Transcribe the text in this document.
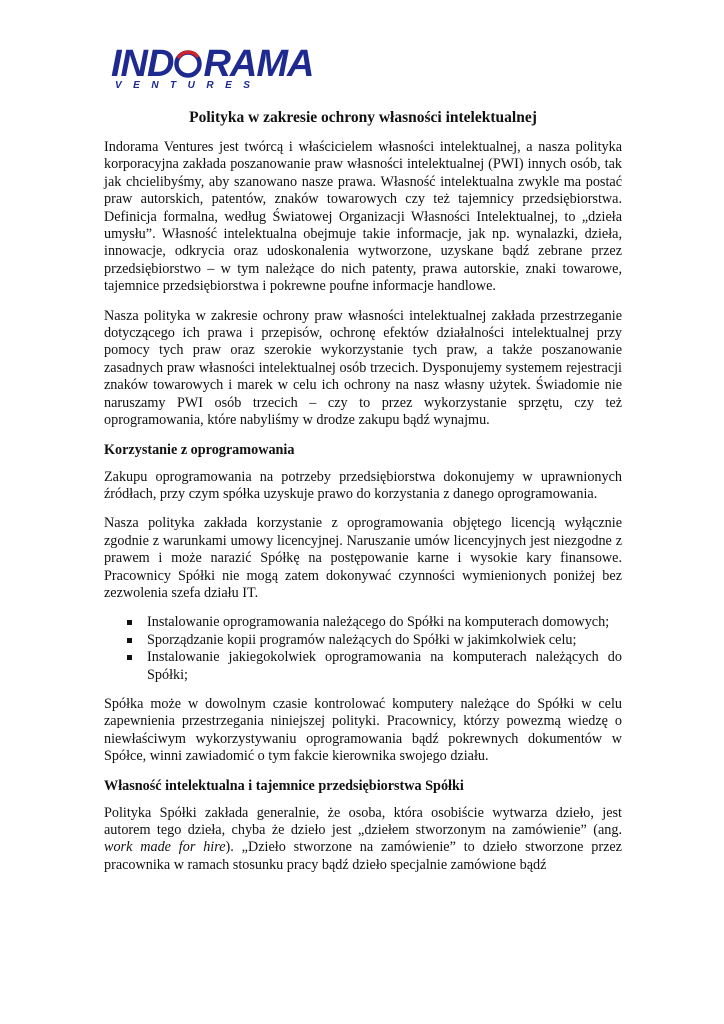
IND RAMA
VENTURES
Polityka w zakresie ochrony własności intelektualnej

Indorama Ventures jest twórcą i właścicielem własności intelektualnej, a nasza polityka korporacyjna zakłada poszanowanie praw własności intelektualnej (PWI) innych osób, tak jak chcielibyśmy, aby szanowano nasze prawa. Własność intelektualna zwykle ma postać praw autorskich, patentów, znaków towarowych czy też tajemnicy przedsiębiorstwa. Definicja formalna, według Światowej Organizacji Własności Intelektualnej, to „dzieła umysłu”. Własność intelektualna obejmuje takie informacje, jak np. wynalazki, dzieła, innowacje, odkrycia oraz udoskonalenia wytworzone, uzyskane bądź zebrane przez przedsiębiorstwo – w tym należące do nich patenty, prawa autorskie, znaki towarowe, tajemnice przedsiębiorstwa i pokrewne poufne informacje handlowe.

Nasza polityka w zakresie ochrony praw własności intelektualnej zakłada przestrzeganie dotyczącego ich prawa i przepisów, ochronę efektów działalności intelektualnej przy pomocy tych praw oraz szerokie wykorzystanie tych praw, a także poszanowanie zasadnych praw własności intelektualnej osób trzecich. Dysponujemy systemem rejestracji znaków towarowych i marek w celu ich ochrony na nasz własny użytek. Świadomie nie naruszamy PWI osób trzecich – czy to przez wykorzystanie sprzętu, czy też oprogramowania, które nabyliśmy w drodze zakupu bądź wynajmu.

Korzystanie z oprogramowania

Zakupu oprogramowania na potrzeby przedsiębiorstwa dokonujemy w uprawnionych źródłach, przy czym spółka uzyskuje prawo do korzystania z danego oprogramowania.

Nasza polityka zakłada korzystanie z oprogramowania objętego licencją wyłącznie zgodnie z warunkami umowy licencyjnej. Naruszanie umów licencyjnych jest niezgodne z prawem i może narazić Spółkę na postępowanie karne i wysokie kary finansowe. Pracownicy Spółki nie mogą zatem dokonywać czynności wymienionych poniżej bez zezwolenia szefa działu IT.

Instalowanie oprogramowania należącego do Spółki na komputerach domowych;
Sporządzanie kopii programów należących do Spółki w jakimkolwiek celu;
Instalowanie jakiegokolwiek oprogramowania na komputerach należących do Spółki;

Spółka może w dowolnym czasie kontrolować komputery należące do Spółki w celu zapewnienia przestrzegania niniejszej polityki. Pracownicy, którzy powezmą wiedzę o niewłaściwym wykorzystywaniu oprogramowania bądź pokrewnych dokumentów w Spółce, winni zawiadomić o tym fakcie kierownika swojego działu.

Własność intelektualna i tajemnice przedsiębiorstwa Spółki

Polityka Spółki zakłada generalnie, że osoba, która osobiście wytwarza dzieło, jest autorem tego dzieła, chyba że dzieło jest „dziełem stworzonym na zamówienie” (ang. work made for hire). „Dzieło stworzone na zamówienie” to dzieło stworzone przez pracownika w ramach stosunku pracy bądź dzieło specjalnie zamówione bądź
